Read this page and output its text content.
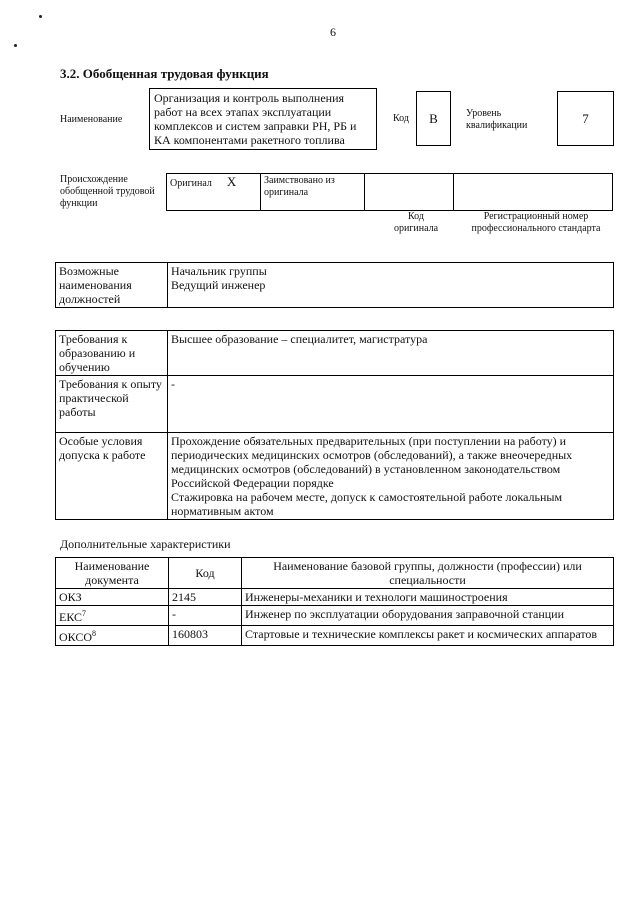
6
3.2. Обобщенная трудовая функция
Наименование
Организация и контроль выполнения работ на всех этапах эксплуатации комплексов и систем заправки РН, РБ и КА компонентами ракетного топлива
Код В	Уровень квалификации	7
Происхождение обобщенной трудовой функции
Оригинал X	Заимствовано из оригинала		
Код оригинала
Регистрационный номер профессионального стандарта
Возможные наименования должностей	
Начальник группы
Ведущий инженер
Требования к образованию и обучению	Высшее образование – специалитет, магистратура
Требования к опыту практической работы	-
Особые условия допуска к работе	Прохождение обязательных предварительных (при поступлении на работу) и периодических медицинских осмотров (обследований), а также внеочередных медицинских осмотров (обследований) в установленном законодательством Российской Федерации порядке
Стажировка на рабочем месте, допуск к самостоятельной работе локальным нормативным актом
Дополнительные характеристики
Наименование документа	Код	Наименование базовой группы, должности (профессии) или специальности
ОКЗ	2145	Инженеры-механики и технологи машиностроения
ЕКС$^7$	-	Инженер по эксплуатации оборудования заправочной станции
ОКСО$^8$	160803	Стартовые и технические комплексы ракет и космических аппаратов
